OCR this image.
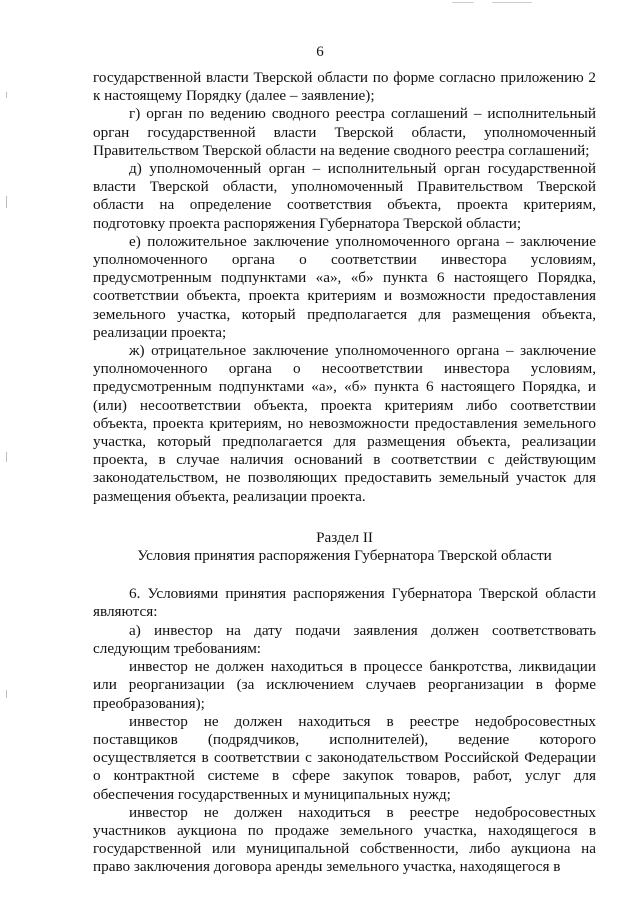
6

государственной власти Тверской области по форме согласно приложению 2 к настоящему Порядку (далее – заявление);

г) орган по ведению сводного реестра соглашений – исполнительный орган государственной власти Тверской области, уполномоченный Правительством Тверской области на ведение сводного реестра соглашений;

д) уполномоченный орган – исполнительный орган государственной власти Тверской области, уполномоченный Правительством Тверской области на определение соответствия объекта, проекта критериям, подготовку проекта распоряжения Губернатора Тверской области;

е) положительное заключение уполномоченного органа – заключение уполномоченного органа о соответствии инвестора условиям, предусмотренным подпунктами «а», «б» пункта 6 настоящего Порядка, соответствии объекта, проекта критериям и возможности предоставления земельного участка, который предполагается для размещения объекта, реализации проекта;

ж) отрицательное заключение уполномоченного органа – заключение уполномоченного органа о несоответствии инвестора условиям, предусмотренным подпунктами «а», «б» пункта 6 настоящего Порядка, и (или) несоответствии объекта, проекта критериям либо соответствии объекта, проекта критериям, но невозможности предоставления земельного участка, который предполагается для размещения объекта, реализации проекта, в случае наличия оснований в соответствии с действующим законодательством, не позволяющих предоставить земельный участок для размещения объекта, реализации проекта.

Раздел II

Условия принятия распоряжения Губернатора Тверской области

6. Условиями принятия распоряжения Губернатора Тверской области являются:

а) инвестор на дату подачи заявления должен соответствовать следующим требованиям:

инвестор не должен находиться в процессе банкротства, ликвидации или реорганизации (за исключением случаев реорганизации в форме преобразования);

инвестор не должен находиться в реестре недобросовестных поставщиков (подрядчиков, исполнителей), ведение которого осуществляется в соответствии с законодательством Российской Федерации о контрактной системе в сфере закупок товаров, работ, услуг для обеспечения государственных и муниципальных нужд;

инвестор не должен находиться в реестре недобросовестных участников аукциона по продаже земельного участка, находящегося в государственной или муниципальной собственности, либо аукциона на право заключения договора аренды земельного участка, находящегося в
